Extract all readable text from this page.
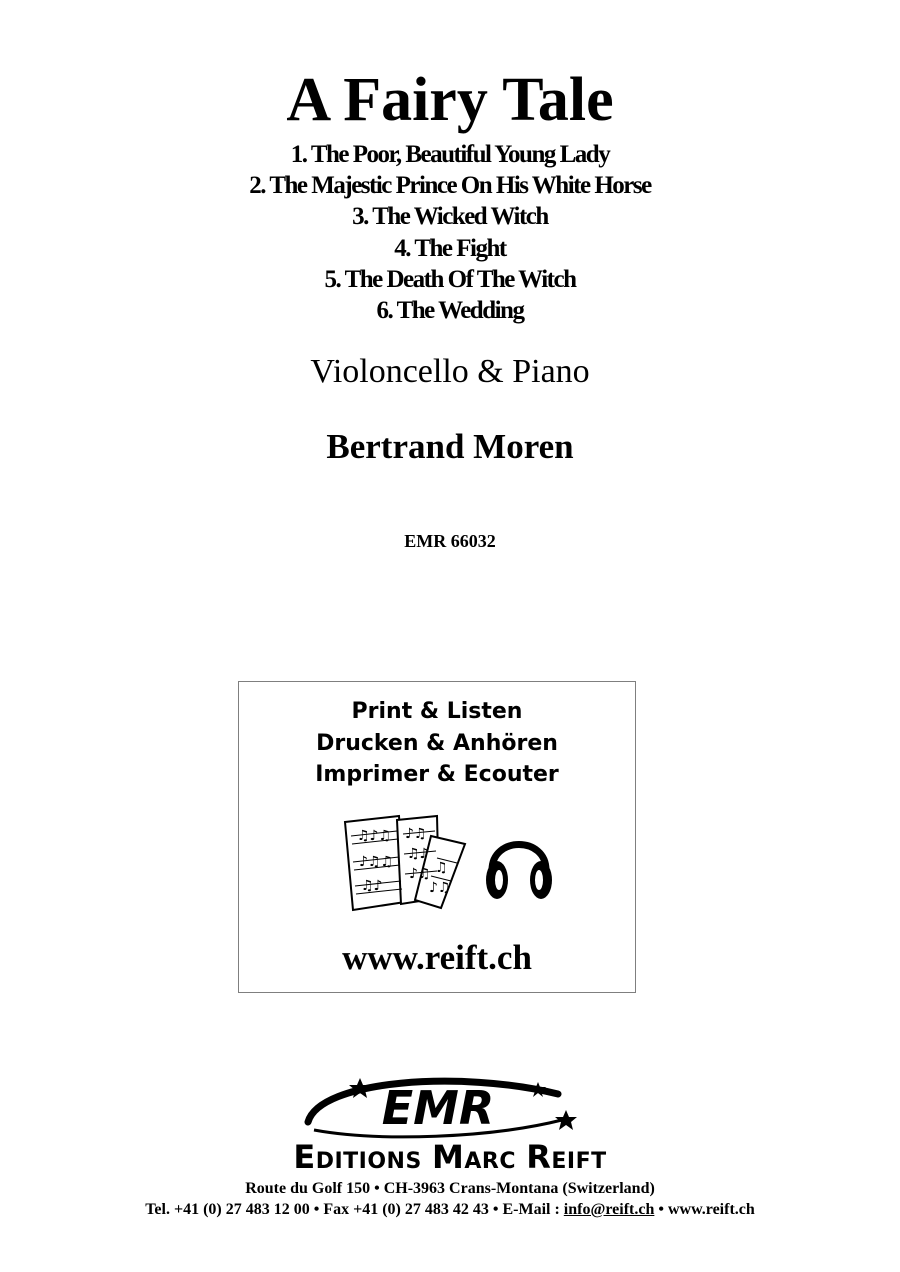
A Fairy Tale
1. The Poor, Beautiful Young Lady
2. The Majestic Prince On His White Horse
3. The Wicked Witch
4. The Fight
5. The Death Of The Witch
6. The Wedding
Violoncello & Piano
Bertrand Moren
EMR 66032
Print & Listen
Drucken & Anhören
Imprimer & Ecouter
♫♪♫
♪♫♫
♫♪
♪♫
♫♪
♪♫ ♫
♪♫
www.reift.ch
EMR
EDITIONS MARC REIFT
Route du Golf 150 • CH-3963 Crans-Montana (Switzerland)
Tel. +41 (0) 27 483 12 00 • Fax +41 (0) 27 483 42 43 • E-Mail : info@reift.ch • www.reift.ch
